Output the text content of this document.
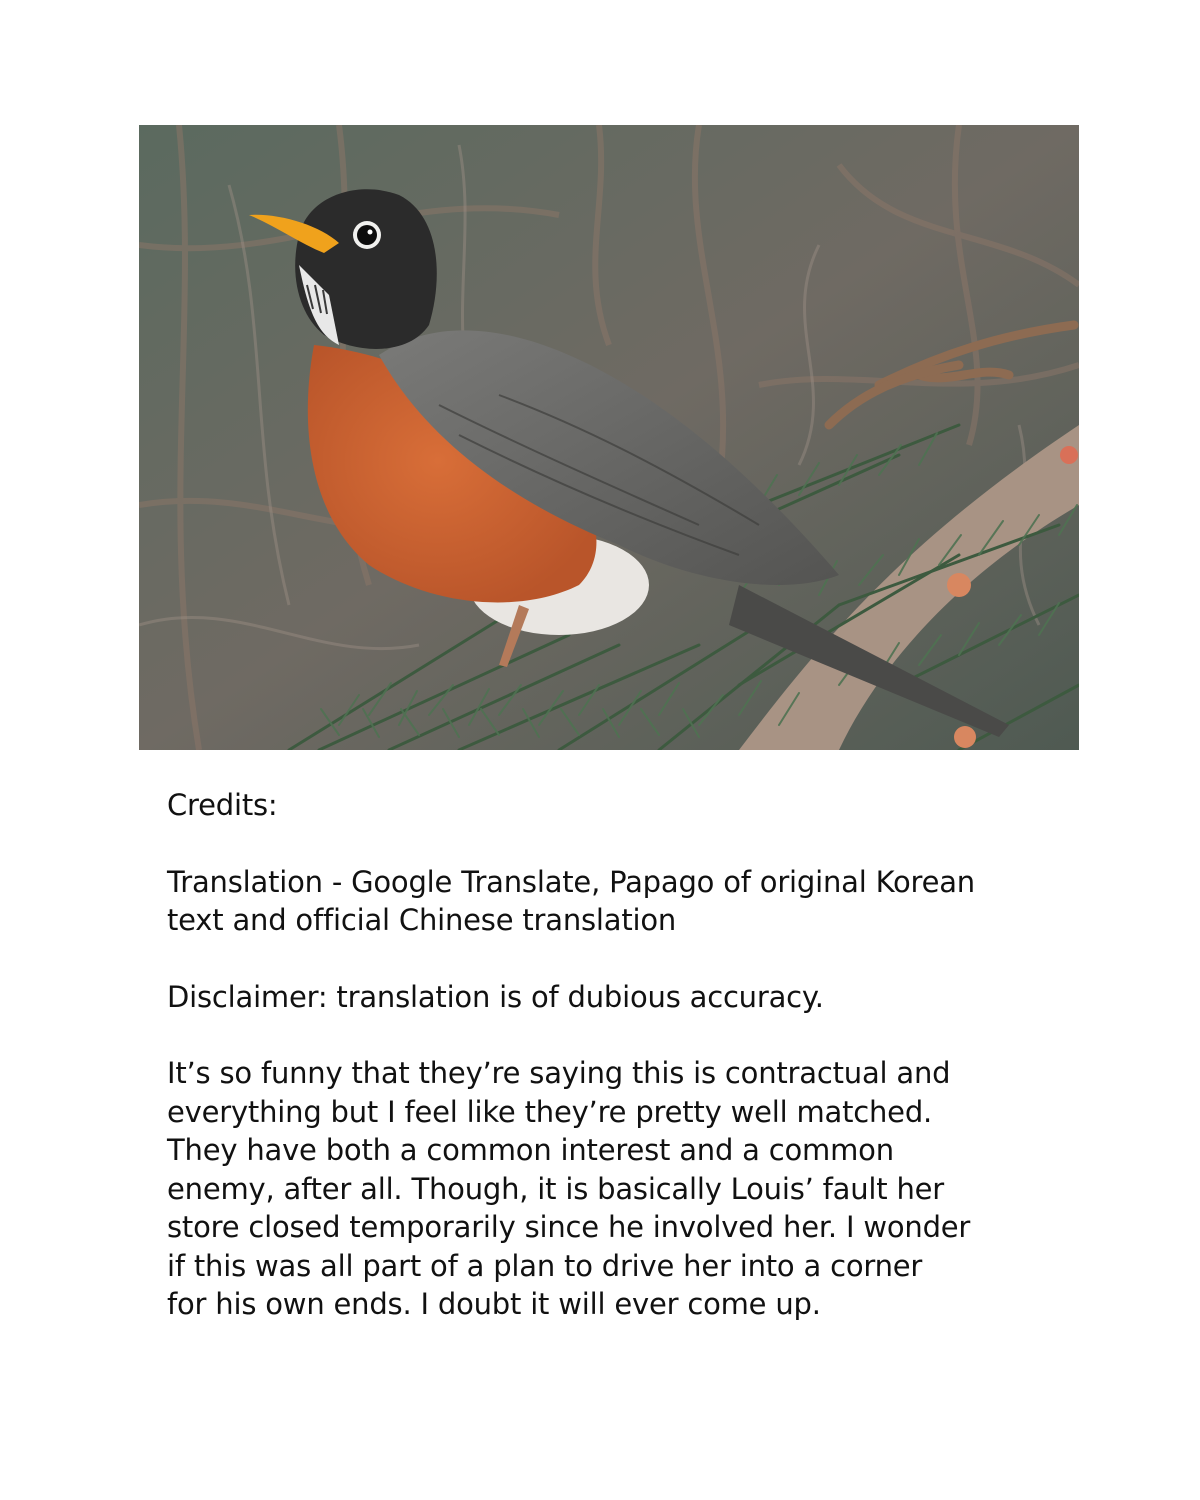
Credits:

Translation - Google Translate, Papago of original Korean

text and official Chinese translation

Disclaimer: translation is of dubious accuracy.

It’s so funny that they’re saying this is contractual and

everything but I feel like they’re pretty well matched.

They have both a common interest and a common

enemy, after all. Though, it is basically Louis’ fault her

store closed temporarily since he involved her. I wonder

if this was all part of a plan to drive her into a corner

for his own ends. I doubt it will ever come up.
